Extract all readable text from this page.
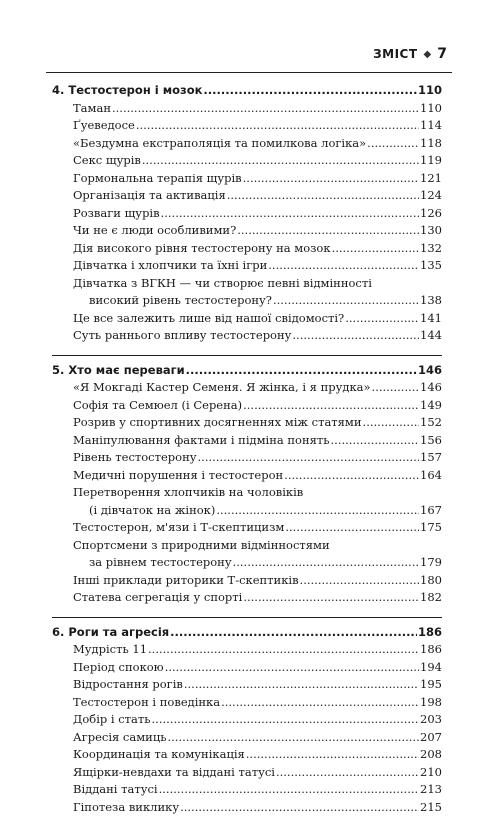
ЗМІСТ ◆ 7
4. Тестостерон і мозок .....	110
Таман .....	110
Ґуеведосе .....	114
«Бездумна екстраполяція та помилкова логіка» .....	118
Секс щурів .....	119
Гормональна терапія щурів .....	121
Організація та активація .....	124
Розваги щурів .....	126
Чи не є люди особливими? .....	130
Дія високого рівня тестостерону на мозок .....	132
Дівчатка і хлопчики та їхні ігри .....	135
Дівчатка з ВГКН — чи створює певні відмінності
високий рівень тестостерону? .....	138
Це все залежить лише від нашої свідомості? .....	141
Суть раннього впливу тестостерону .....	144
5. Хто має переваги .....	146
«Я Мокгаді Кастер Семеня. Я жінка, і я прудка» .....	146
Софія та Семюел (і Серена) .....	149
Розрив у спортивних досягненнях між статями .....	152
Маніпулювання фактами і підміна понять .....	156
Рівень тестостерону .....	157
Медичні порушення і тестостерон .....	164
Перетворення хлопчиків на чоловіків
(і дівчаток на жінок) .....	167
Тестостерон, м'язи і Т-скептицизм .....	175
Спортсмени з природними відмінностями
за рівнем тестостерону .....	179
Інші приклади риторики Т-скептиків .....	180
Статева сегрегація у спорті .....	182
6. Роги та агресія .....	186
Мудрість 11 .....	186
Період спокою .....	194
Відростання рогів .....	195
Тестостерон і поведінка .....	198
Добір і стать .....	203
Агресія самиць .....	207
Координація та комунікація .....	208
Ящірки-невдахи та віддані татусі .....	210
Віддані татусі .....	213
Гіпотеза виклику .....	215
